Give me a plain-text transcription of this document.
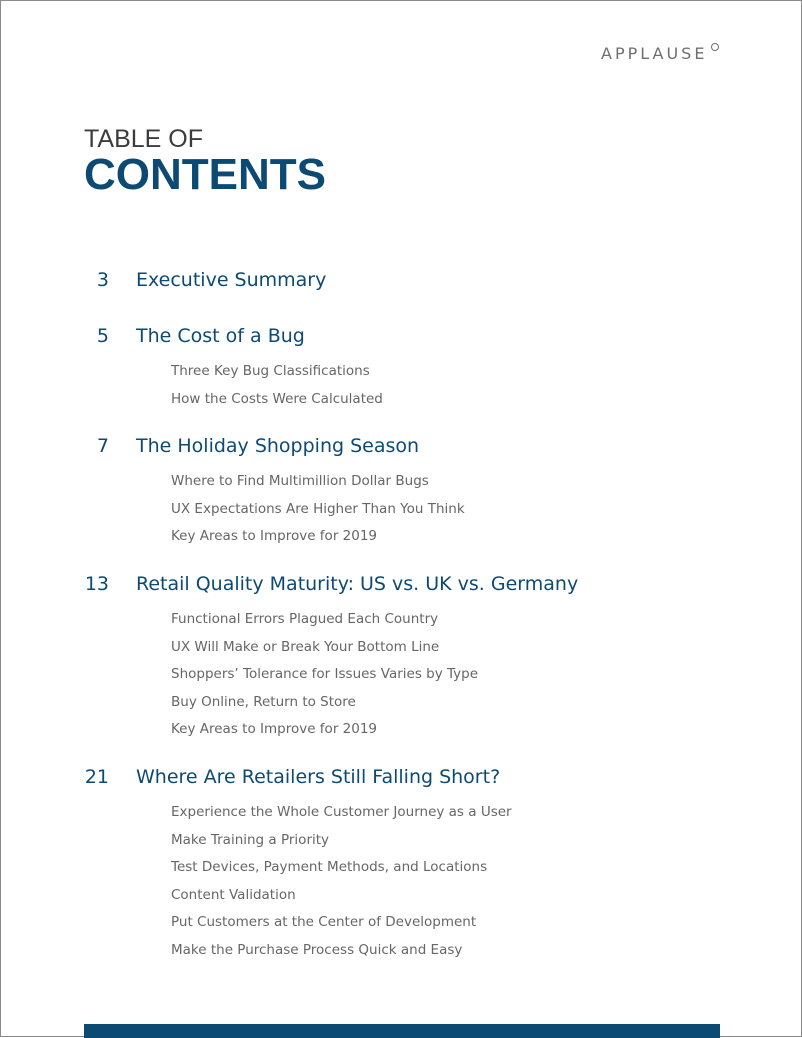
APPLAUSE
TABLE OF
CONTENTS
3 Executive Summary
5 The Cost of a Bug
Three Key Bug Classifications
How the Costs Were Calculated
7 The Holiday Shopping Season
Where to Find Multimillion Dollar Bugs
UX Expectations Are Higher Than You Think
Key Areas to Improve for 2019
13 Retail Quality Maturity: US vs. UK vs. Germany
Functional Errors Plagued Each Country
UX Will Make or Break Your Bottom Line
Shoppers’ Tolerance for Issues Varies by Type
Buy Online, Return to Store
Key Areas to Improve for 2019
21 Where Are Retailers Still Falling Short?
Experience the Whole Customer Journey as a User
Make Training a Priority
Test Devices, Payment Methods, and Locations
Content Validation
Put Customers at the Center of Development
Make the Purchase Process Quick and Easy
